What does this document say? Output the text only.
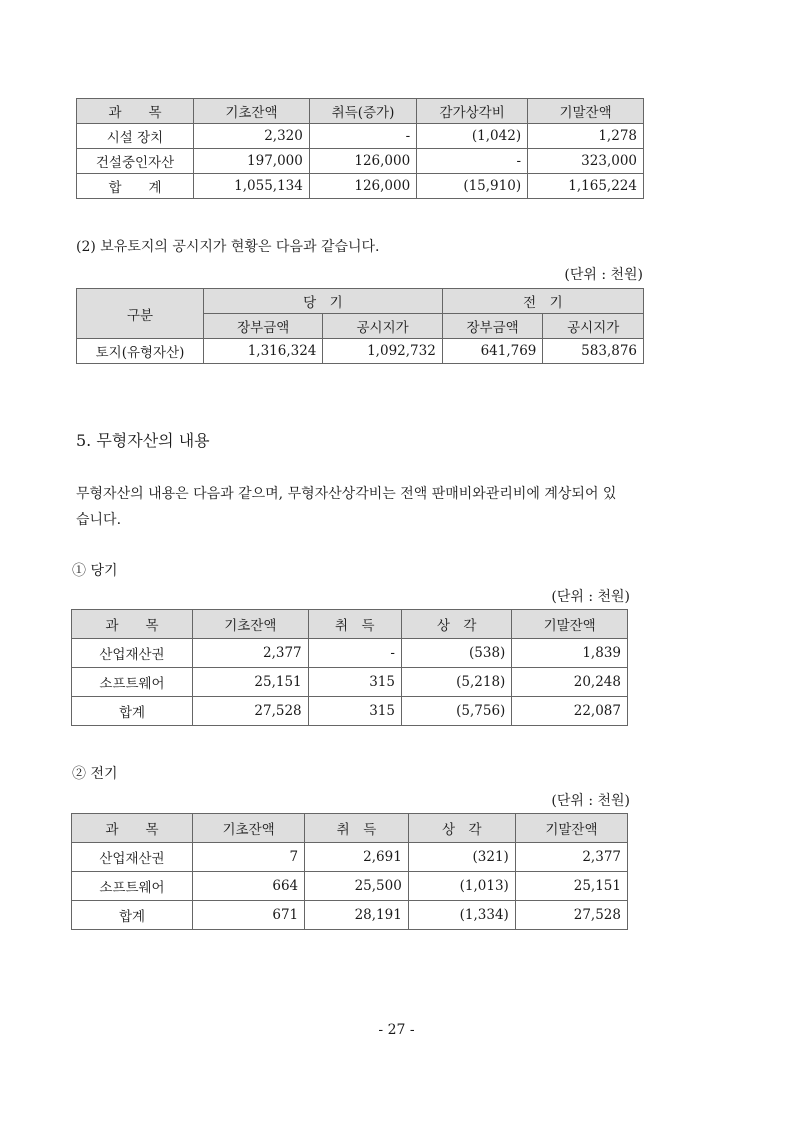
과　　목	기초잔액	취득(증가)	감가상각비	기말잔액
시설 장치	2,320	-	(1,042)	1,278
건설중인자산	197,000	126,000	-	323,000
합　　계	1,055,134	126,000	(15,910)	1,165,224
(2) 보유토지의 공시지가 현황은 다음과 같습니다.
(단위 : 천원)
구분	당　기		전　기	
	장부금액	공시지가	장부금액	공시지가
토지(유형자산)	1,316,324	1,092,732	641,769	583,876
5. 무형자산의 내용
무형자산의 내용은 다음과 같으며, 무형자산상각비는 전액 판매비와관리비에 계상되어 있
습니다.
① 당기
(단위 : 천원)
과　　목	기초잔액	취　득	상　각	기말잔액
산업재산권	2,377	-	(538)	1,839
소프트웨어	25,151	315	(5,218)	20,248
합계	27,528	315	(5,756)	22,087
② 전기
(단위 : 천원)
과　　목	기초잔액	취　득	상　각	기말잔액
산업재산권	7	2,691	(321)	2,377
소프트웨어	664	25,500	(1,013)	25,151
합계	671	28,191	(1,334)	27,528
- 27 -
